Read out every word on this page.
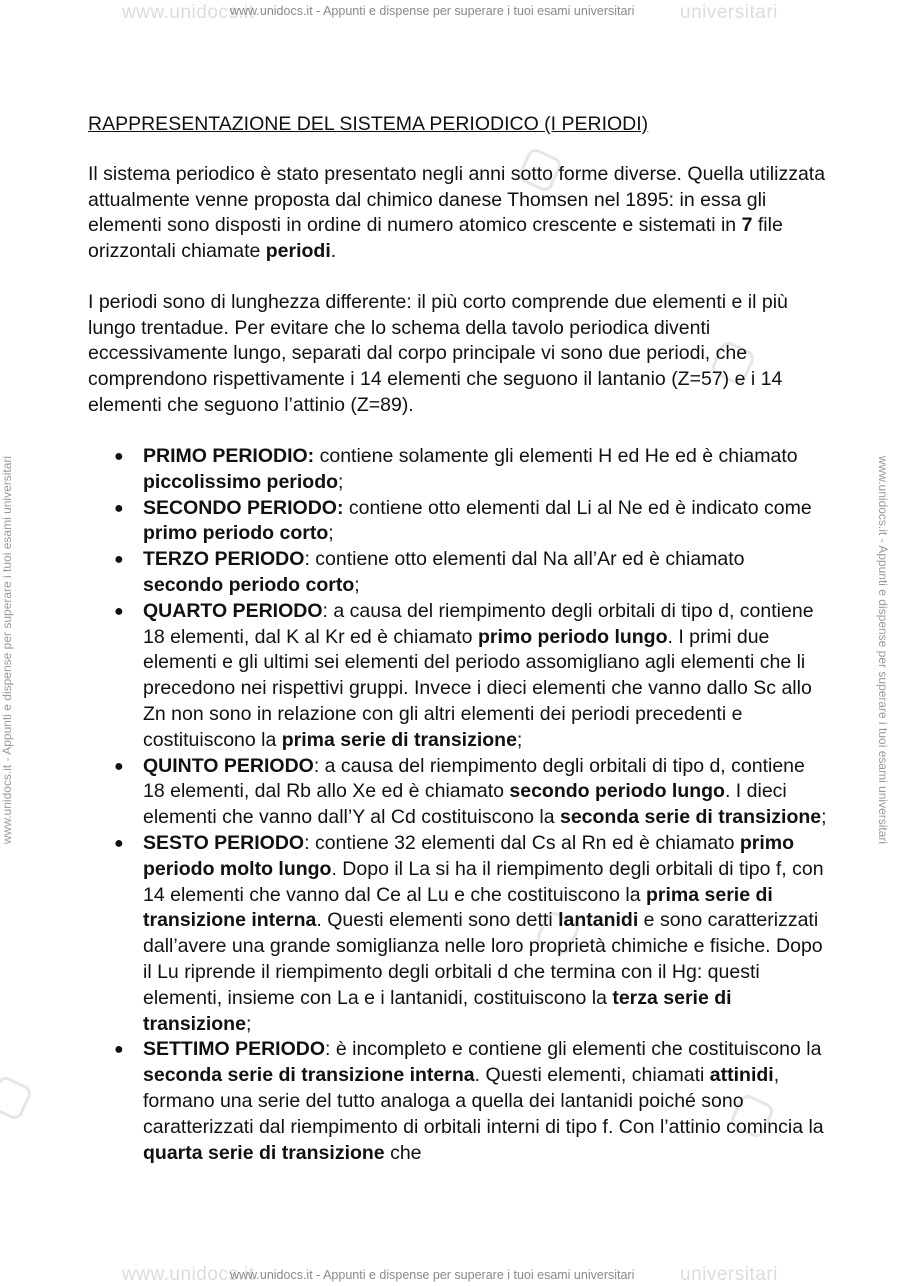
www.unidocs.it	universitari
www.unidocs.it - Appunti e dispense per superare i tuoi esami universitari
www.unidocs.it	universitari
www.unidocs.it - Appunti e dispense per superare i tuoi esami universitari
www.unidocs.it - Appunti e dispense per superare i tuoi esami universitari	www.unidocs.it - Appunti e dispense per superare i tuoi esami universitari
RAPPRESENTAZIONE DEL SISTEMA PERIODICO (I PERIODI)

Il sistema periodico è stato presentato negli anni sotto forme diverse. Quella utilizzata attualmente venne proposta dal chimico danese Thomsen nel 1895: in essa gli elementi sono disposti in ordine di numero atomico crescente e sistemati in 7 file orizzontali chiamate periodi.

I periodi sono di lunghezza differente: il più corto comprende due elementi e il più lungo trentadue. Per evitare che lo schema della tavolo periodica diventi eccessivamente lungo, separati dal corpo principale vi sono due periodi, che comprendono rispettivamente i 14 elementi che seguono il lantanio (Z=57) e i 14 elementi che seguono l’attinio (Z=89).

● PRIMO PERIODIO: contiene solamente gli elementi H ed He ed è chiamato piccolissimo periodo;
● SECONDO PERIODO: contiene otto elementi dal Li al Ne ed è indicato come primo periodo corto;
● TERZO PERIODO: contiene otto elementi dal Na all’Ar ed è chiamato secondo periodo corto;
● QUARTO PERIODO: a causa del riempimento degli orbitali di tipo d, contiene 18 elementi, dal K al Kr ed è chiamato primo periodo lungo. I primi due elementi e gli ultimi sei elementi del periodo assomigliano agli elementi che li precedono nei rispettivi gruppi. Invece i dieci elementi che vanno dallo Sc allo Zn non sono in relazione con gli altri elementi dei periodi precedenti e costituiscono la prima serie di transizione;
● QUINTO PERIODO: a causa del riempimento degli orbitali di tipo d, contiene 18 elementi, dal Rb allo Xe ed è chiamato secondo periodo lungo. I dieci elementi che vanno dall’Y al Cd costituiscono la seconda serie di transizione;
● SESTO PERIODO: contiene 32 elementi dal Cs al Rn ed è chiamato primo periodo molto lungo. Dopo il La si ha il riempimento degli orbitali di tipo f, con 14 elementi che vanno dal Ce al Lu e che costituiscono la prima serie di transizione interna. Questi elementi sono detti lantanidi e sono caratterizzati dall’avere una grande somiglianza nelle loro proprietà chimiche e fisiche. Dopo il Lu riprende il riempimento degli orbitali d che termina con il Hg: questi elementi, insieme con La e i lantanidi, costituiscono la terza serie di transizione;
● SETTIMO PERIODO: è incompleto e contiene gli elementi che costituiscono la seconda serie di transizione interna. Questi elementi, chiamati attinidi, formano una serie del tutto analoga a quella dei lantanidi poiché sono caratterizzati dal riempimento di orbitali interni di tipo f. Con l’attinio comincia la quarta serie di transizione che
